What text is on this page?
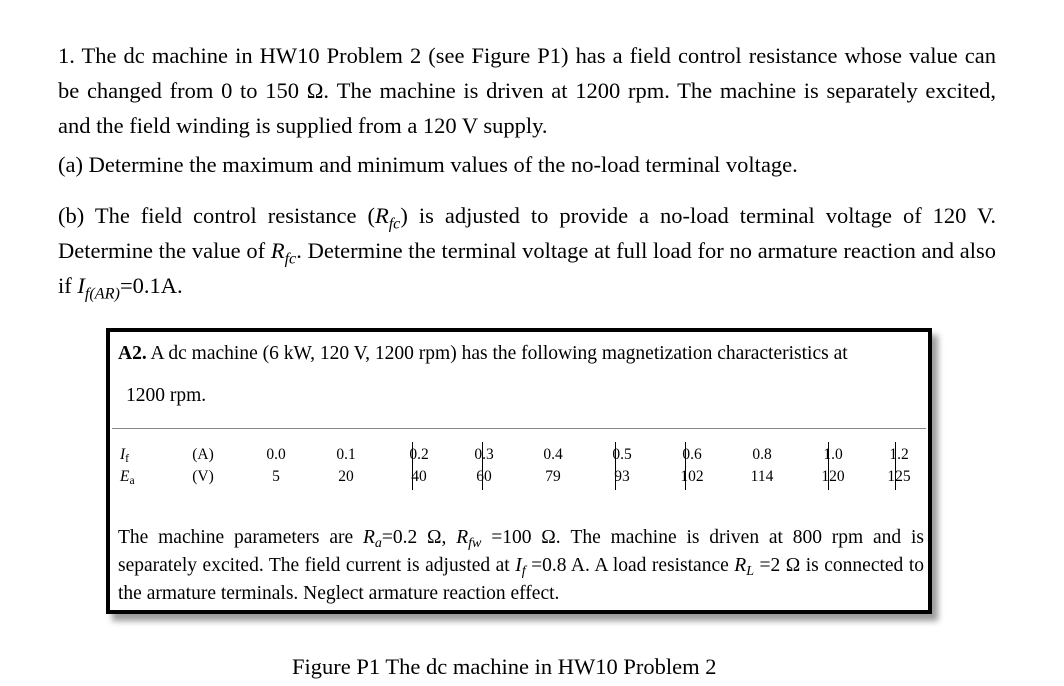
1. The dc machine in HW10 Problem 2 (see Figure P1) has a field control resistance whose value can be changed from 0 to 150 Ω. The machine is driven at 1200 rpm. The machine is separately excited, and the field winding is supplied from a 120 V supply.

(a) Determine the maximum and minimum values of the no-load terminal voltage.

(b) The field control resistance $(R_{fc})$ is adjusted to provide a no-load terminal voltage of 120 V. Determine the value of $R_{fc}$. Determine the terminal voltage at full load for no armature reaction and also if $I_{f(AR)}=0.1A$.

A2. A dc machine (6 kW, 120 V, 1200 rpm) has the following magnetization characteristics at
1200 rpm.
If	(A)	0.0	0.1	0.2	0.3	0.4	0.5	0.6	0.8	1.0	1.2
Ea	(V)	5	20	40	60	79	93	102	114	120	125
The machine parameters are $R_a=0.2$ Ω, $R_{fw} =100$ Ω. The machine is driven at 800 rpm and is separately excited. The field current is adjusted at $I_f =0.8$ A. A load resistance $R_L =2$ Ω is connected to the armature terminals. Neglect armature reaction effect.
Figure P1 The dc machine in HW10 Problem 2
